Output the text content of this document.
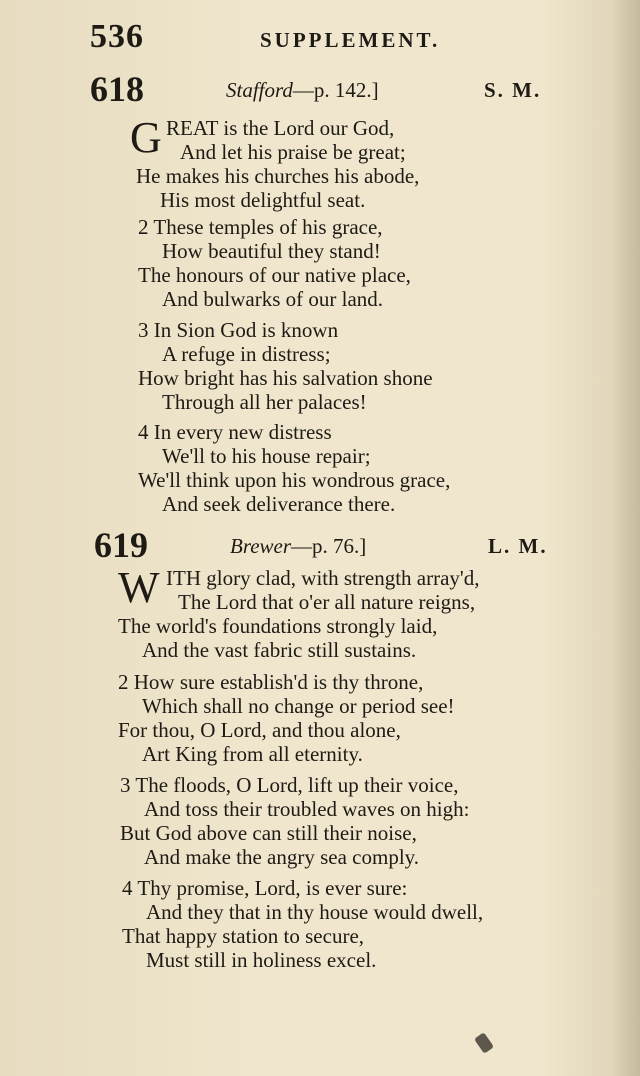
536	SUPPLEMENT.
618	Stafford—p. 142.]	S. M.
G REAT is the Lord our God,
And let his praise be great;
He makes his churches his abode,
His most delightful seat.
2 These temples of his grace,
How beautiful they stand!
The honours of our native place,
And bulwarks of our land.
3 In Sion God is known
A refuge in distress;
How bright has his salvation shone
Through all her palaces!
4 In every new distress
We'll to his house repair;
We'll think upon his wondrous grace,
And seek deliverance there.
619	Brewer—p. 76.]	L. M.
W ITH glory clad, with strength array'd,
The Lord that o'er all nature reigns,
The world's foundations strongly laid,
And the vast fabric still sustains.
2 How sure establish'd is thy throne,
Which shall no change or period see!
For thou, O Lord, and thou alone,
Art King from all eternity.
3 The floods, O Lord, lift up their voice,
And toss their troubled waves on high:
But God above can still their noise,
And make the angry sea comply.
4 Thy promise, Lord, is ever sure:
And they that in thy house would dwell,
That happy station to secure,
Must still in holiness excel.
